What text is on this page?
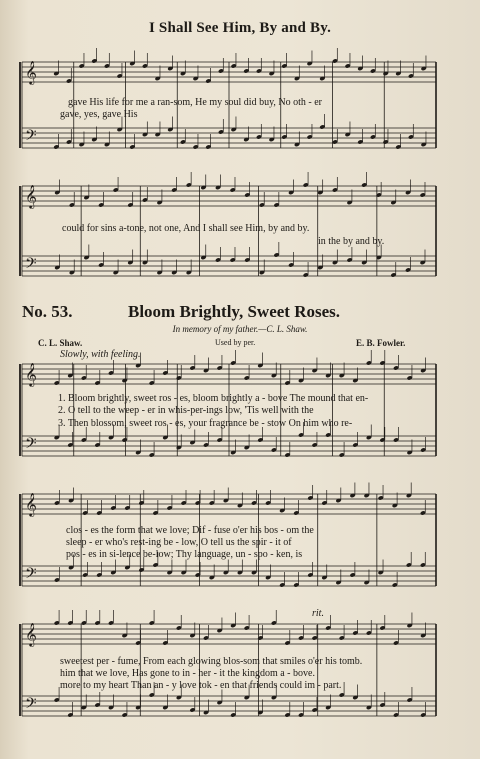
𝄞
𝄢
𝄞
𝄢
𝄞
𝄢
𝄞
𝄢
𝄞
𝄢
I Shall See Him, By and By.
gave His life for me a ran-som, He my soul did buy, No oth - er
gave, yes, gave His
could for sins a-tone, not one, And I shall see Him, by and by.
in the by and by.
No. 53.	Bloom Brightly, Sweet Roses.
In memory of my father.—C. L. Shaw.
C. L. Shaw.	Used by per.	E. B. Fowler.
Slowly, with feeling.
rit.
1. Bloom brightly, sweet ros - es, bloom brightly a - bove The mound that en-
2. O tell to the weep - er in whis-per-ings low, 'Tis well with the
3. Then blossom, sweet ros - es, your fragrance be - stow On him who re-
clos - es the form that we love; Dif - fuse o'er his bos - om the
sleep - er who's rest-ing be - low, O tell us the spir - it of
pos - es in si-lence be-low; Thy language, un - spo - ken, is
sweetest per - fume, From each glowing blos-som that smiles o'er his tomb.
him that we love, Has gone to in - her - it the kingdom a - bove.
more to my heart Than an - y love tok - en that friends could im - part.
